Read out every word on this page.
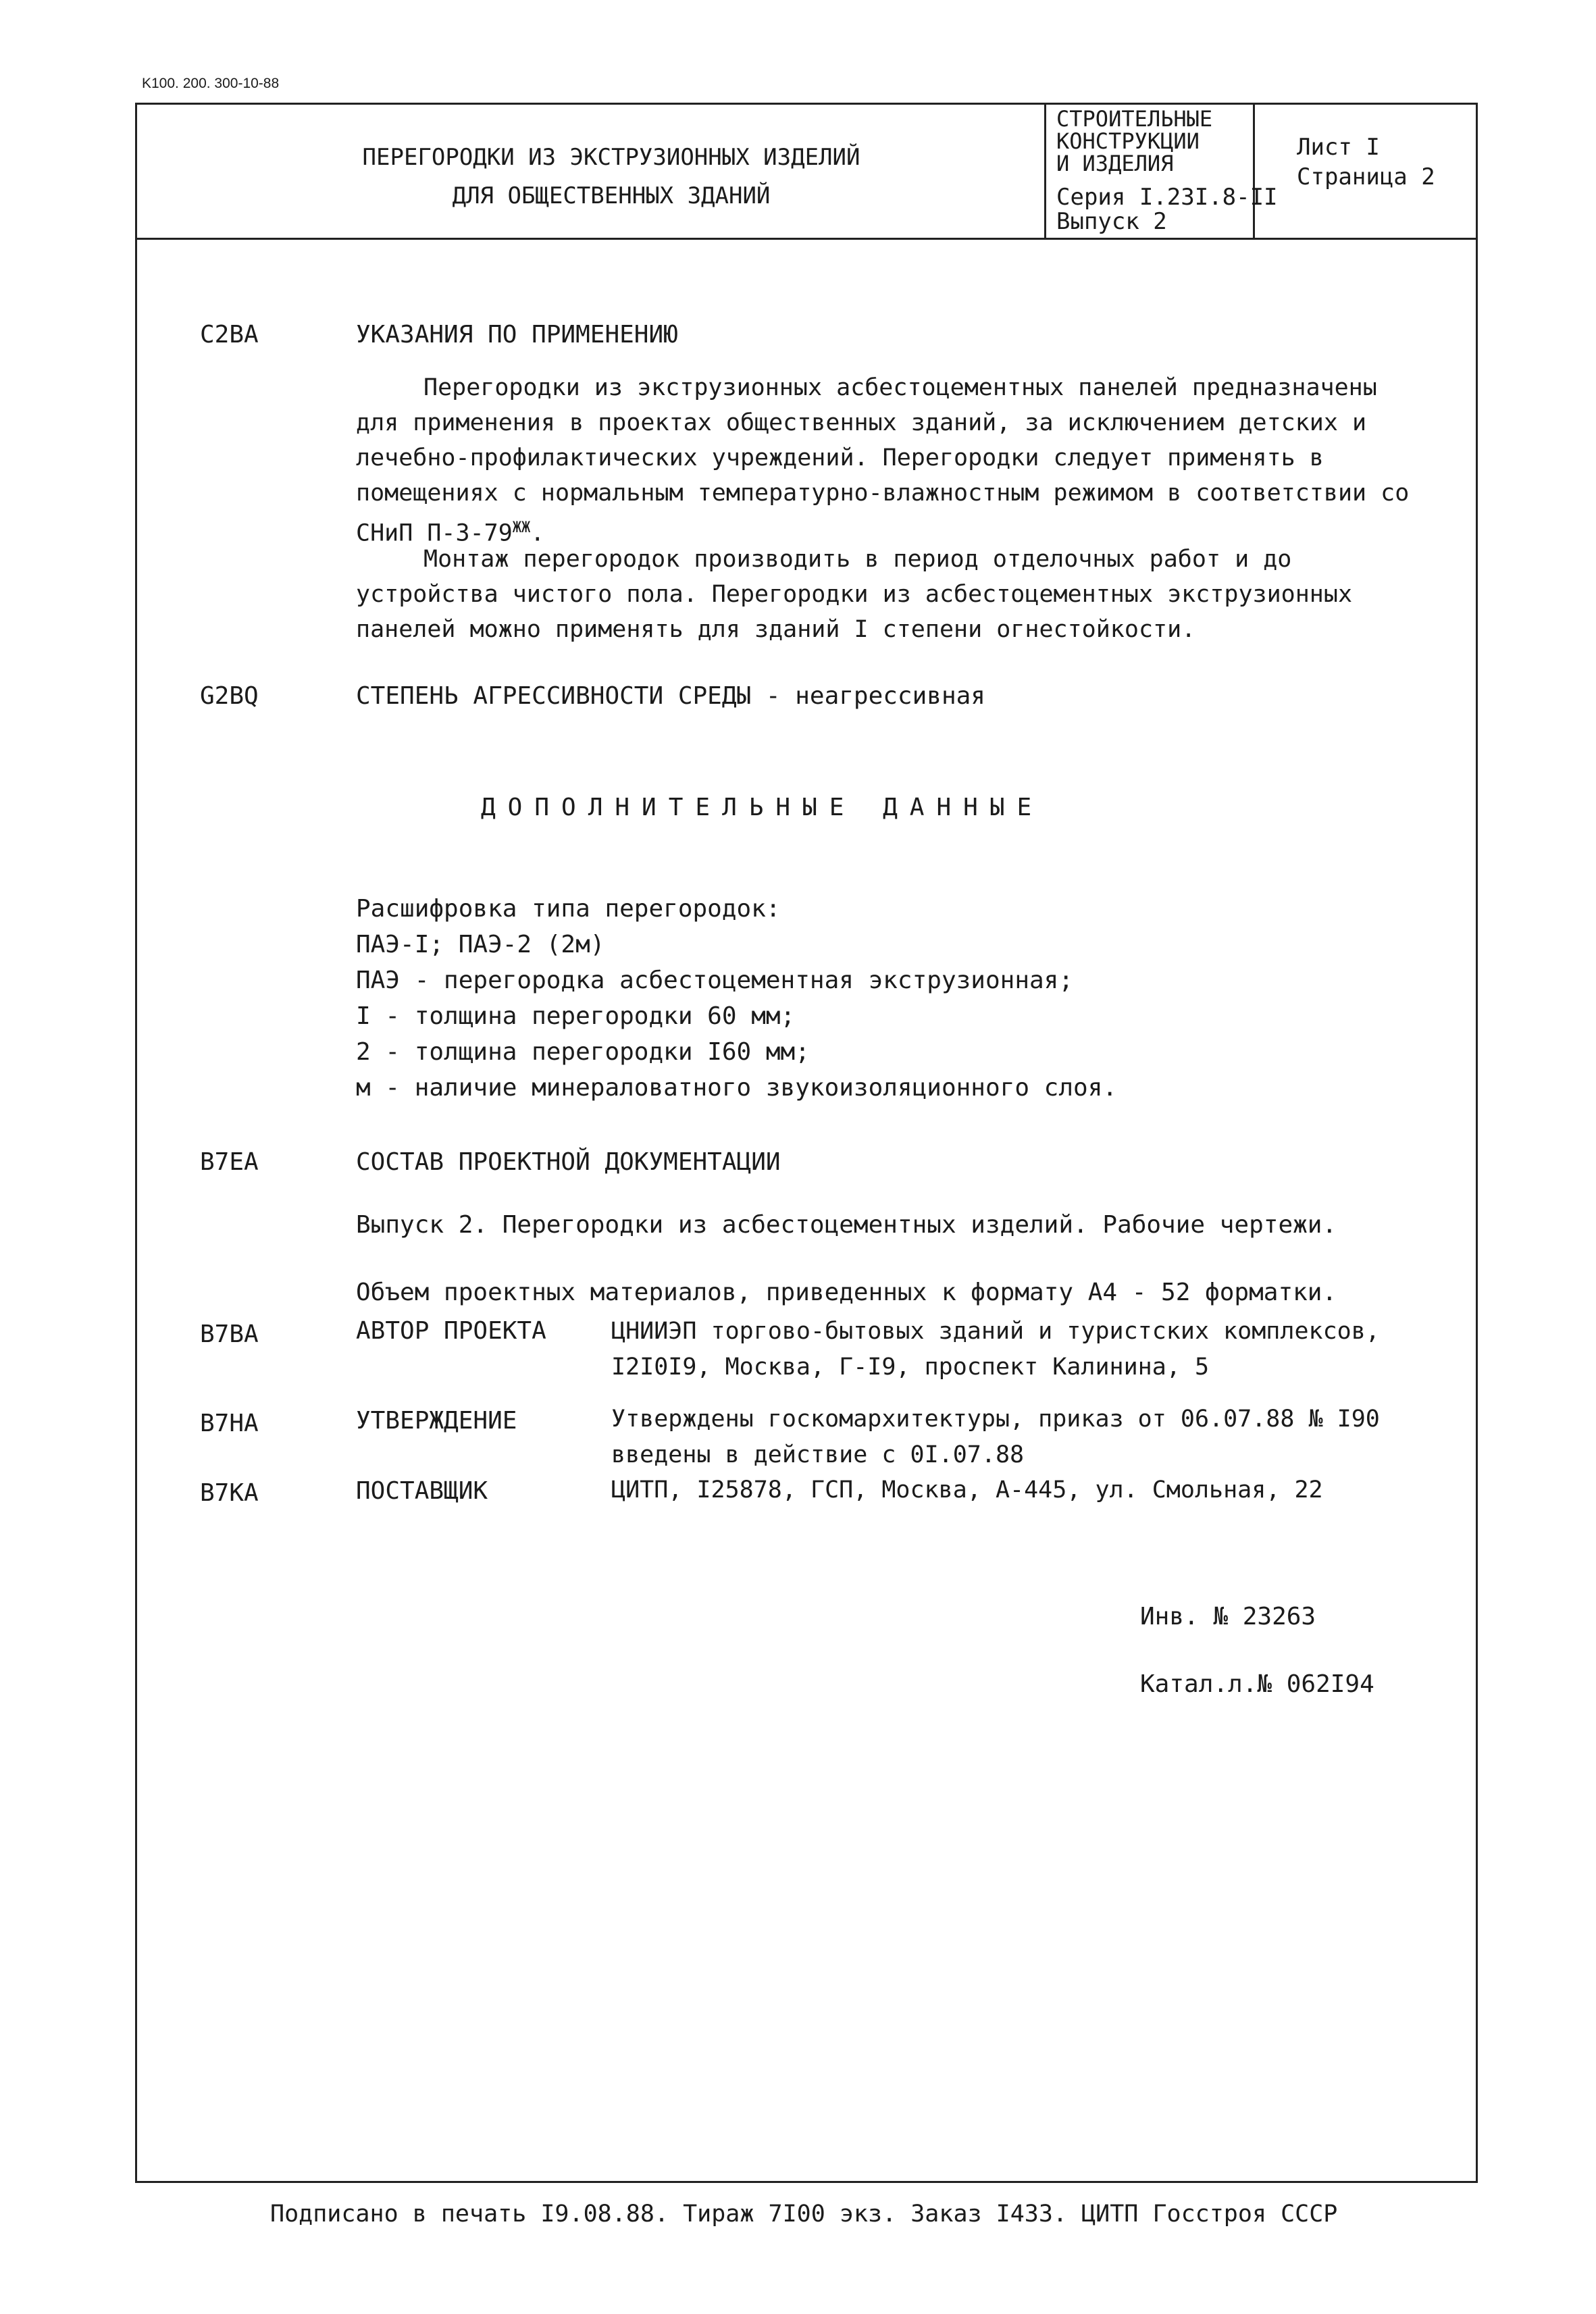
K100. 200. 300-10-88
ПЕРЕГОРОДКИ ИЗ ЭКСТРУЗИОННЫХ ИЗДЕЛИЙ
ДЛЯ ОБЩЕСТВЕННЫХ ЗДАНИЙ
СТРОИТЕЛЬНЫЕ
КОНСТРУКЦИИ
И ИЗДЕЛИЯ
Серия I.23I.8-II
Выпуск 2
Лист I
Страница 2
C2BA	УКАЗАНИЯ ПО ПРИМЕНЕНИЮ
Перегородки из экструзионных асбестоцементных панелей предназначены для применения в проектах общественных зданий, за исключением детских и лечебно-профилактических учреждений. Перегородки следует применять в помещениях с нормальным температурно-влажностным режимом в соответствии со СНиП $П-3-79^{ЖЖ}$.
Монтаж перегородок производить в период отделочных работ и до устройства чистого пола. Перегородки из асбестоцементных экструзионных панелей можно применять для зданий I степени огнестойкости.
G2BQ	СТЕПЕНЬ АГРЕССИВНОСТИ СРЕДЫ - неагрессивная
ДОПОЛНИТЕЛЬНЫЕ ДАННЫЕ
Расшифровка типа перегородок:
ПАЭ-I; ПАЭ-2 (2м)
ПАЭ - перегородка асбестоцементная экструзионная;
I - толщина перегородки 60 мм;
2 - толщина перегородки I60 мм;
м - наличие минераловатного звукоизоляционного слоя.
B7EA	СОСТАВ ПРОЕКТНОЙ ДОКУМЕНТАЦИИ
Выпуск 2. Перегородки из асбестоцементных изделий. Рабочие чертежи.
Объем проектных материалов, приведенных к формату А4 - 52 форматки.
B7BA	АВТОР ПРОЕКТА	ЦНИИЭП торгово-бытовых зданий и туристских комплексов,
I2I0I9, Москва, Г-I9, проспект Калинина, 5
B7HA	УТВЕРЖДЕНИЕ	Утверждены госкомархитектуры, приказ от 06.07.88 № I90
введены в действие с 0I.07.88
B7KA	ПОСТАВЩИК	ЦИТП, I25878, ГСП, Москва, А-445, ул. Смольная, 22
Инв. № 23263
Катал.л.№ 062I94
Подписано в печать I9.08.88. Тираж 7I00 экз. Заказ I433. ЦИТП Госстроя СССР
